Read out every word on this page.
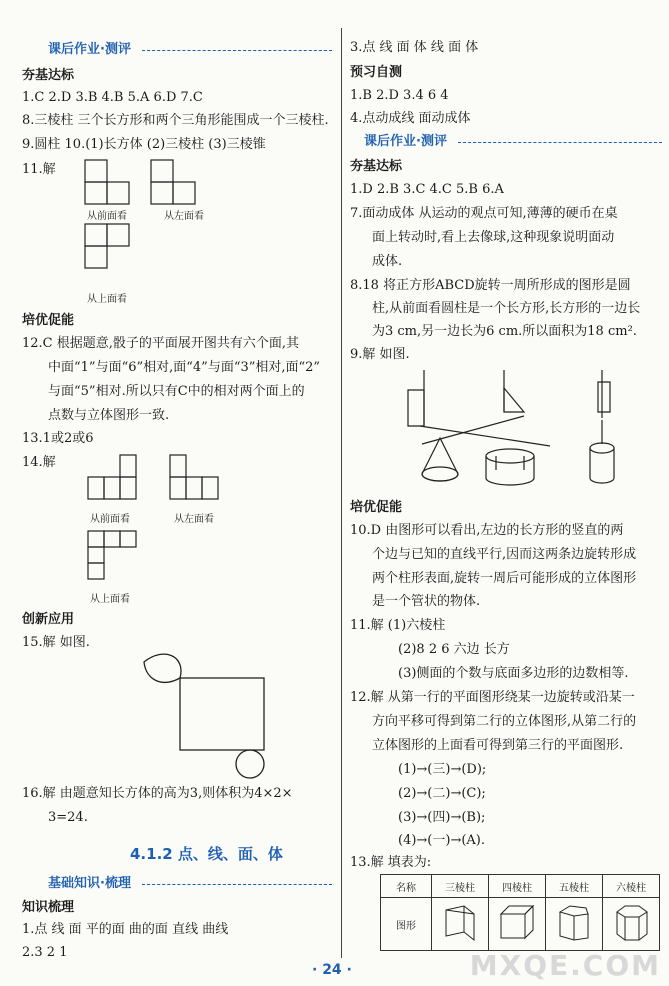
课后作业·测评
夯基达标
1.C 2.D 3.B 4.B 5.A 6.D 7.C
8.三棱柱 三个长方形和两个三角形能围成一个三棱柱.
9.圆柱 10.(1)长方体 (2)三棱柱 (3)三棱锥
11.解
从前面看	从左面看
从上面看
培优促能
12.C 根据题意,骰子的平面展开图共有六个面,其
中面“1”与面“6”相对,面“4”与面“3”相对,面“2”
与面“5”相对.所以只有C中的相对两个面上的
点数与立体图形一致.
13.1或2或6
14.解
从前面看	从左面看
从上面看
创新应用
15.解 如图.
16.解 由题意知长方体的高为3,则体积为4×2×
3=24.
4.1.2 点、线、面、体
基础知识·梳理
知识梳理
1.点 线 面 平的面 曲的面 直线 曲线
2.3 2 1
3.点 线 面 体 线 面 体
预习自测
1.B 2.D 3.4 6 4
4.点动成线 面动成体
课后作业·测评
夯基达标
1.D 2.B 3.C 4.C 5.B 6.A
7.面动成体 从运动的观点可知,薄薄的硬币在桌
面上转动时,看上去像球,这种现象说明面动
成体.
8.18 将正方形ABCD旋转一周所形成的图形是圆
柱,从前面看圆柱是一个长方形,长方形的一边长
为3 cm,另一边长为6 cm.所以面积为18 cm².
9.解 如图.
培优促能
10.D 由图形可以看出,左边的长方形的竖直的两
个边与已知的直线平行,因而这两条边旋转形成
两个柱形表面,旋转一周后可能形成的立体图形
是一个管状的物体.
11.解 (1)六棱柱
(2)8 2 6 六边 长方
(3)侧面的个数与底面多边形的边数相等.
12.解 从第一行的平面图形绕某一边旋转或沿某一
方向平移可得到第二行的立体图形,从第二行的
立体图形的上面看可得到第三行的平面图形.
(1)→(三)→(D);
(2)→(二)→(C);
(3)→(四)→(B);
(4)→(一)→(A).
13.解 填表为:
名称	三棱柱	四棱柱	五棱柱	六棱柱
图形				
· 24 ·	MXQE.COM
